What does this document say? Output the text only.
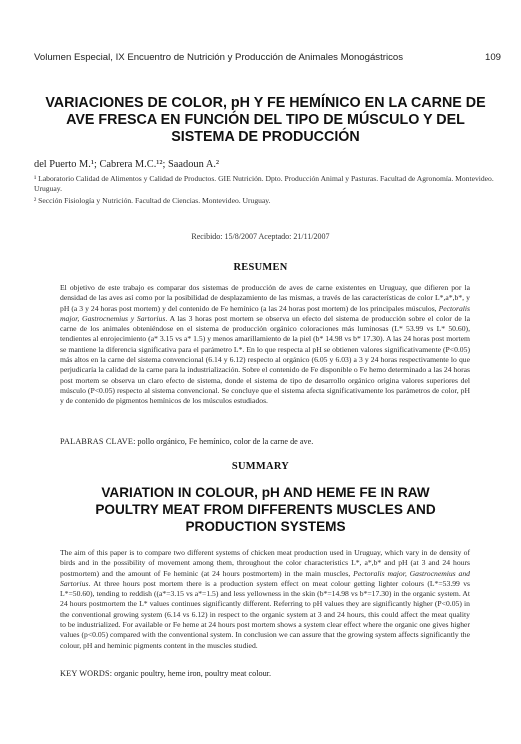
Volumen Especial, IX Encuentro de Nutrición y Producción de Animales Monogástricos	109
VARIACIONES DE COLOR, pH Y FE HEMÍNICO EN LA CARNE DE
AVE FRESCA EN FUNCIÓN DEL TIPO DE MÚSCULO Y DEL
SISTEMA DE PRODUCCIÓN
del Puerto M.¹; Cabrera M.C.¹²; Saadoun A.²
¹ Laboratorio Calidad de Alimentos y Calidad de Productos. GIE Nutrición. Dpto. Producción Animal y Pasturas. Facultad de Agronomía. Montevideo. Uruguay.
² Sección Fisiología y Nutrición. Facultad de Ciencias. Montevideo. Uruguay.
Recibido: 15/8/2007 Aceptado: 21/11/2007
RESUMEN

El objetivo de este trabajo es comparar dos sistemas de producción de aves de carne existentes en Uruguay, que difieren por la densidad de las aves así como por la posibilidad de desplazamiento de las mismas, a través de las características de color L*,a*,b*, y pH (a 3 y 24 horas post mortem) y del contenido de Fe hemínico (a las 24 horas post mortem) de los principales músculos, Pectoralis major, Gastrocnemius y Sartorius. A las 3 horas post mortem se observa un efecto del sistema de producción sobre el color de la carne de los animales obteniéndose en el sistema de producción orgánico coloraciones más luminosas (L* 53.99 vs L* 50.60), tendientes al enrojecimiento (a* 3.15 vs a* 1.5) y menos amarillamiento de la piel (b* 14.98 vs b* 17.30). A las 24 horas post mortem se mantiene la diferencia significativa para el parámetro L*. En lo que respecta al pH se obtienen valores significativamente (P<0.05) más altos en la carne del sistema convencional (6.14 y 6.12) respecto al orgánico (6.05 y 6.03) a 3 y 24 horas respectivamente lo que perjudicaría la calidad de la carne para la industrialización. Sobre el contenido de Fe disponible o Fe hemo determinado a las 24 horas post mortem se observa un claro efecto de sistema, donde el sistema de tipo de desarrollo orgánico origina valores superiores del músculo (P<0.05) respecto al sistema convencional. Se concluye que el sistema afecta significativamente los parámetros de color, pH y de contenido de pigmentos hemínicos de los músculos estudiados.

PALABRAS CLAVE: pollo orgánico, Fe hemínico, color de la carne de ave.
SUMMARY
VARIATION IN COLOUR, pH AND HEME FE IN RAW
POULTRY MEAT FROM DIFFERENTS MUSCLES AND
PRODUCTION SYSTEMS

The aim of this paper is to compare two different systems of chicken meat production used in Uruguay, which vary in de density of birds and in the possibility of movement among them, throughout the color characteristics L*, a*,b* and pH (at 3 and 24 hours postmortem) and the amount of Fe heminic (at 24 hours postmortem) in the main muscles, Pectoralis major, Gastrocnemius and Sartorius. At three hours post mortem there is a production system effect on meat colour getting lighter colours (L*=53.99 vs L*=50.60), tending to reddish ((a*=3.15 vs a*=1.5) and less yellowness in the skin (b*=14.98 vs b*=17.30) in the organic system. At 24 hours postmortem the L* values continues significantly different. Referring to pH values they are significantly higher (P<0.05) in the conventional growing system (6.14 vs 6.12) in respect to the organic system at 3 and 24 hours, this could affect the meat quality to be industrialized. For available or Fe heme at 24 hours post mortem shows a system clear effect where the organic one gives higher values (p<0.05) compared with the conventional system. In conclusion we can assure that the growing system affects significantly the colour, pH and heminic pigments content in the muscles studied.

KEY WORDS: organic poultry, heme iron, poultry meat colour.
